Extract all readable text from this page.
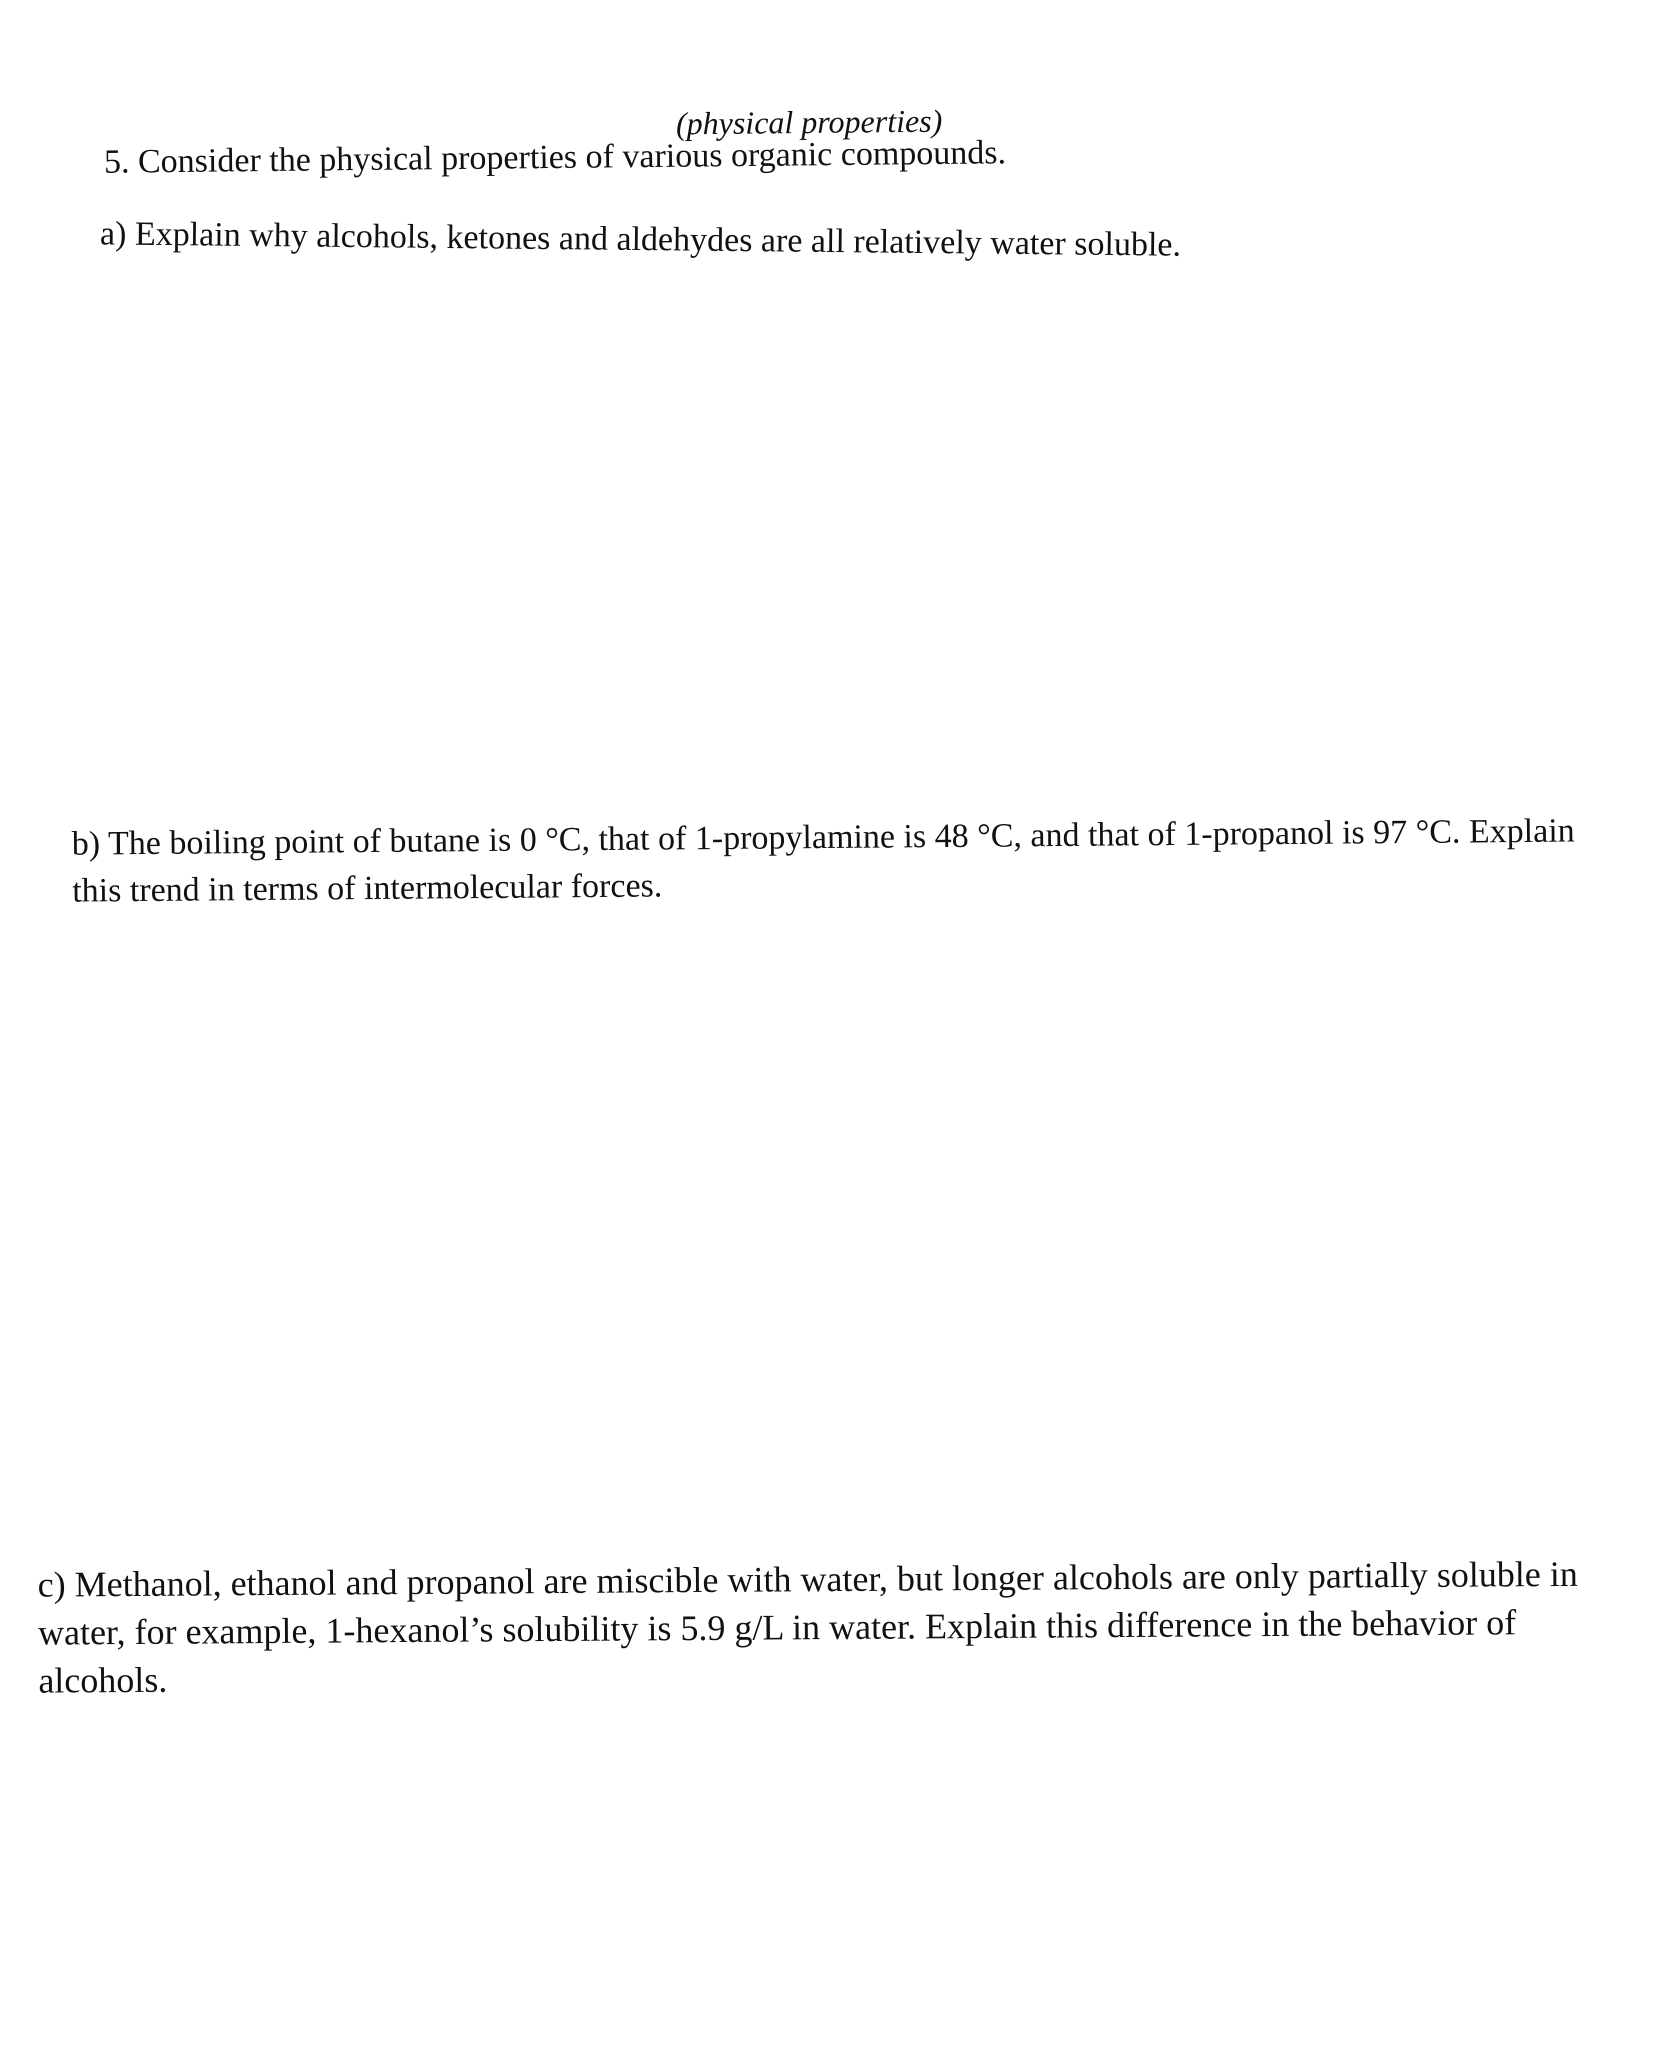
(physical properties)
5. Consider the physical properties of various organic compounds.
a) Explain why alcohols, ketones and aldehydes are all relatively water soluble.
b) The boiling point of butane is 0 °C, that of 1-propylamine is 48 °C, and that of 1-propanol is 97 °C. Explain this trend in terms of intermolecular forces.
c) Methanol, ethanol and propanol are miscible with water, but longer alcohols are only partially soluble in water, for example, 1-hexanol’s solubility is 5.9 g/L in water. Explain this difference in the behavior of alcohols.
